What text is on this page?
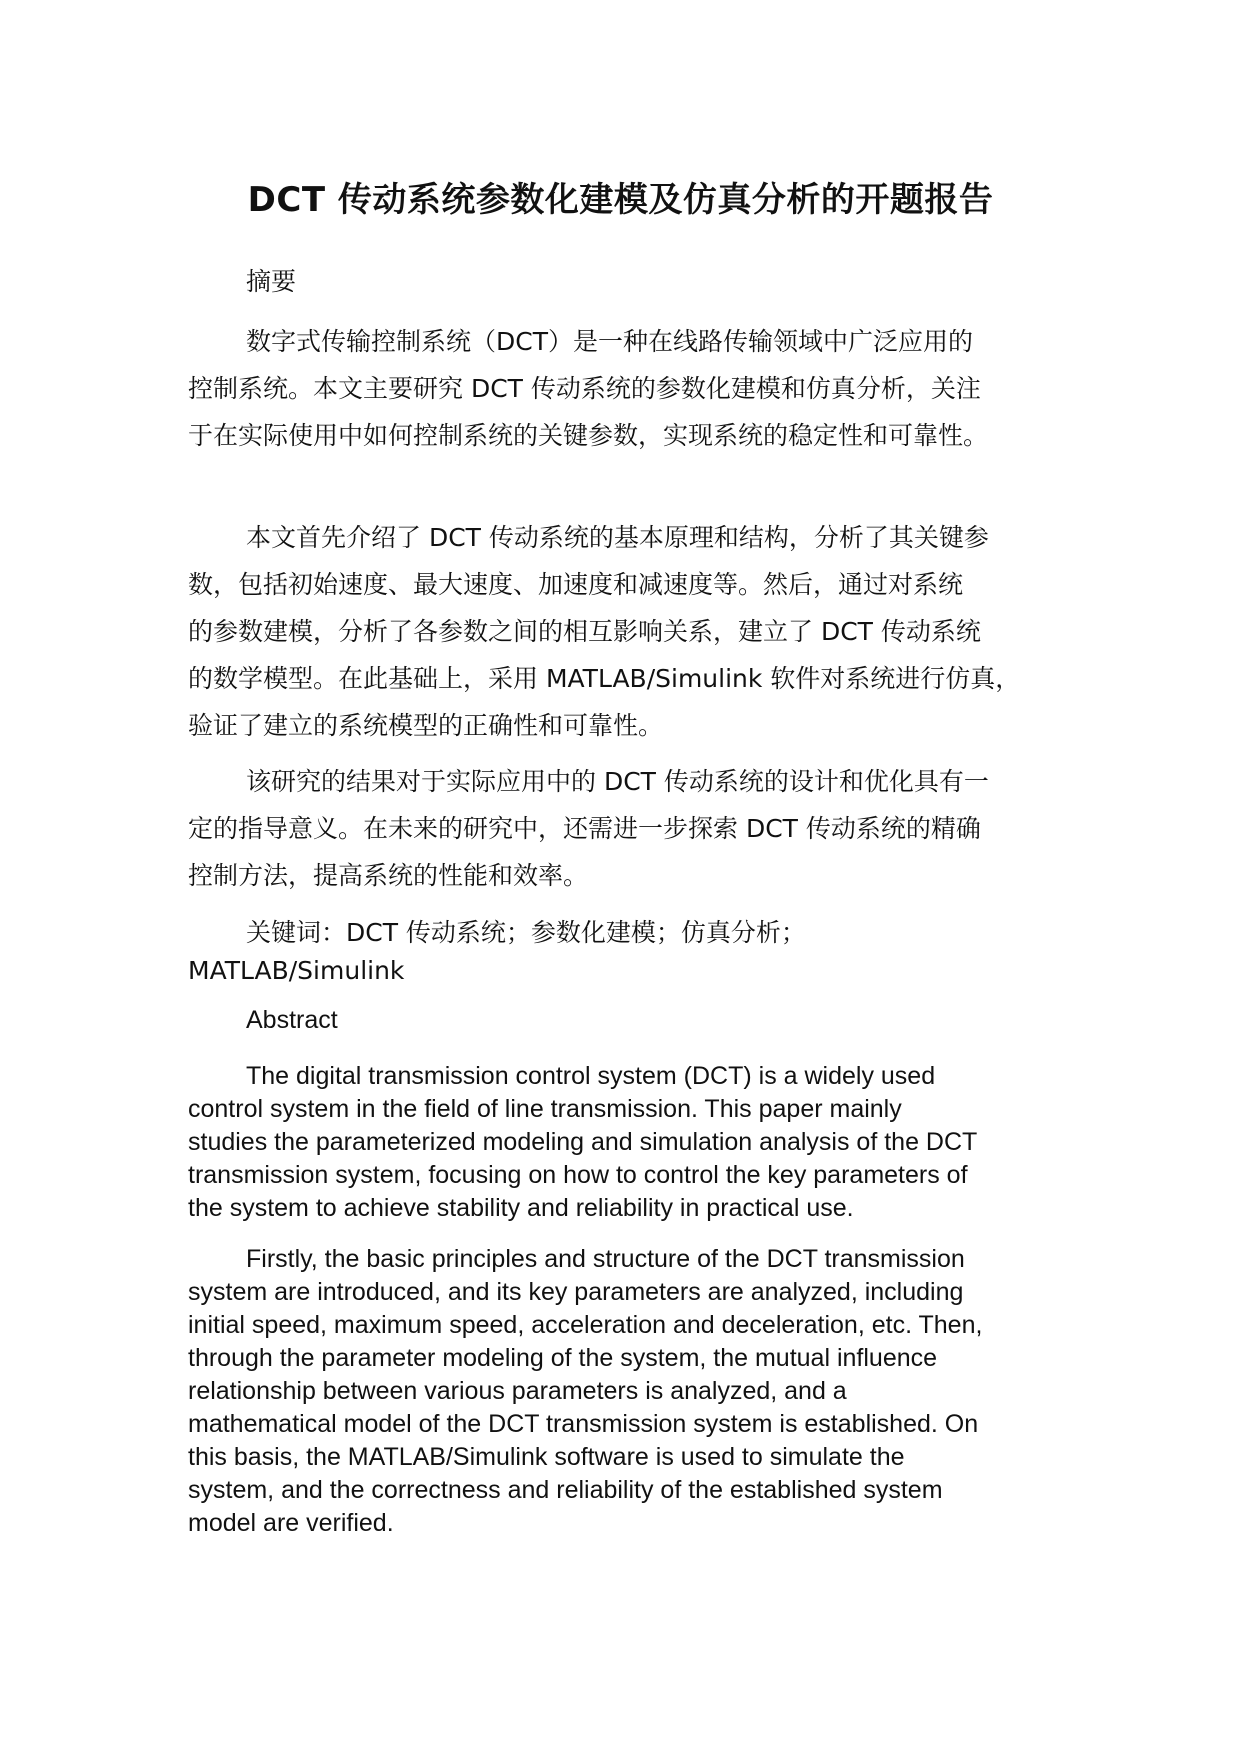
DCT 传动系统参数化建模及仿真分析的开题报告
摘要
数字式传输控制系统（DCT）是一种在线路传输领域中广泛应用的
控制系统。本文主要研究 DCT 传动系统的参数化建模和仿真分析，关注
于在实际使用中如何控制系统的关键参数，实现系统的稳定性和可靠性。
本文首先介绍了 DCT 传动系统的基本原理和结构，分析了其关键参
数，包括初始速度、最大速度、加速度和减速度等。然后，通过对系统
的参数建模，分析了各参数之间的相互影响关系，建立了 DCT 传动系统
的数学模型。在此基础上，采用 MATLAB/Simulink 软件对系统进行仿真，
验证了建立的系统模型的正确性和可靠性。
该研究的结果对于实际应用中的 DCT 传动系统的设计和优化具有一
定的指导意义。在未来的研究中，还需进一步探索 DCT 传动系统的精确
控制方法，提高系统的性能和效率。
关键词：DCT 传动系统；参数化建模；仿真分析；
MATLAB/Simulink
Abstract
The digital transmission control system (DCT) is a widely used
control system in the field of line transmission. This paper mainly
studies the parameterized modeling and simulation analysis of the DCT
transmission system, focusing on how to control the key parameters of
the system to achieve stability and reliability in practical use.
Firstly, the basic principles and structure of the DCT transmission
system are introduced, and its key parameters are analyzed, including
initial speed, maximum speed, acceleration and deceleration, etc. Then,
through the parameter modeling of the system, the mutual influence
relationship between various parameters is analyzed, and a
mathematical model of the DCT transmission system is established. On
this basis, the MATLAB/Simulink software is used to simulate the
system, and the correctness and reliability of the established system
model are verified.
